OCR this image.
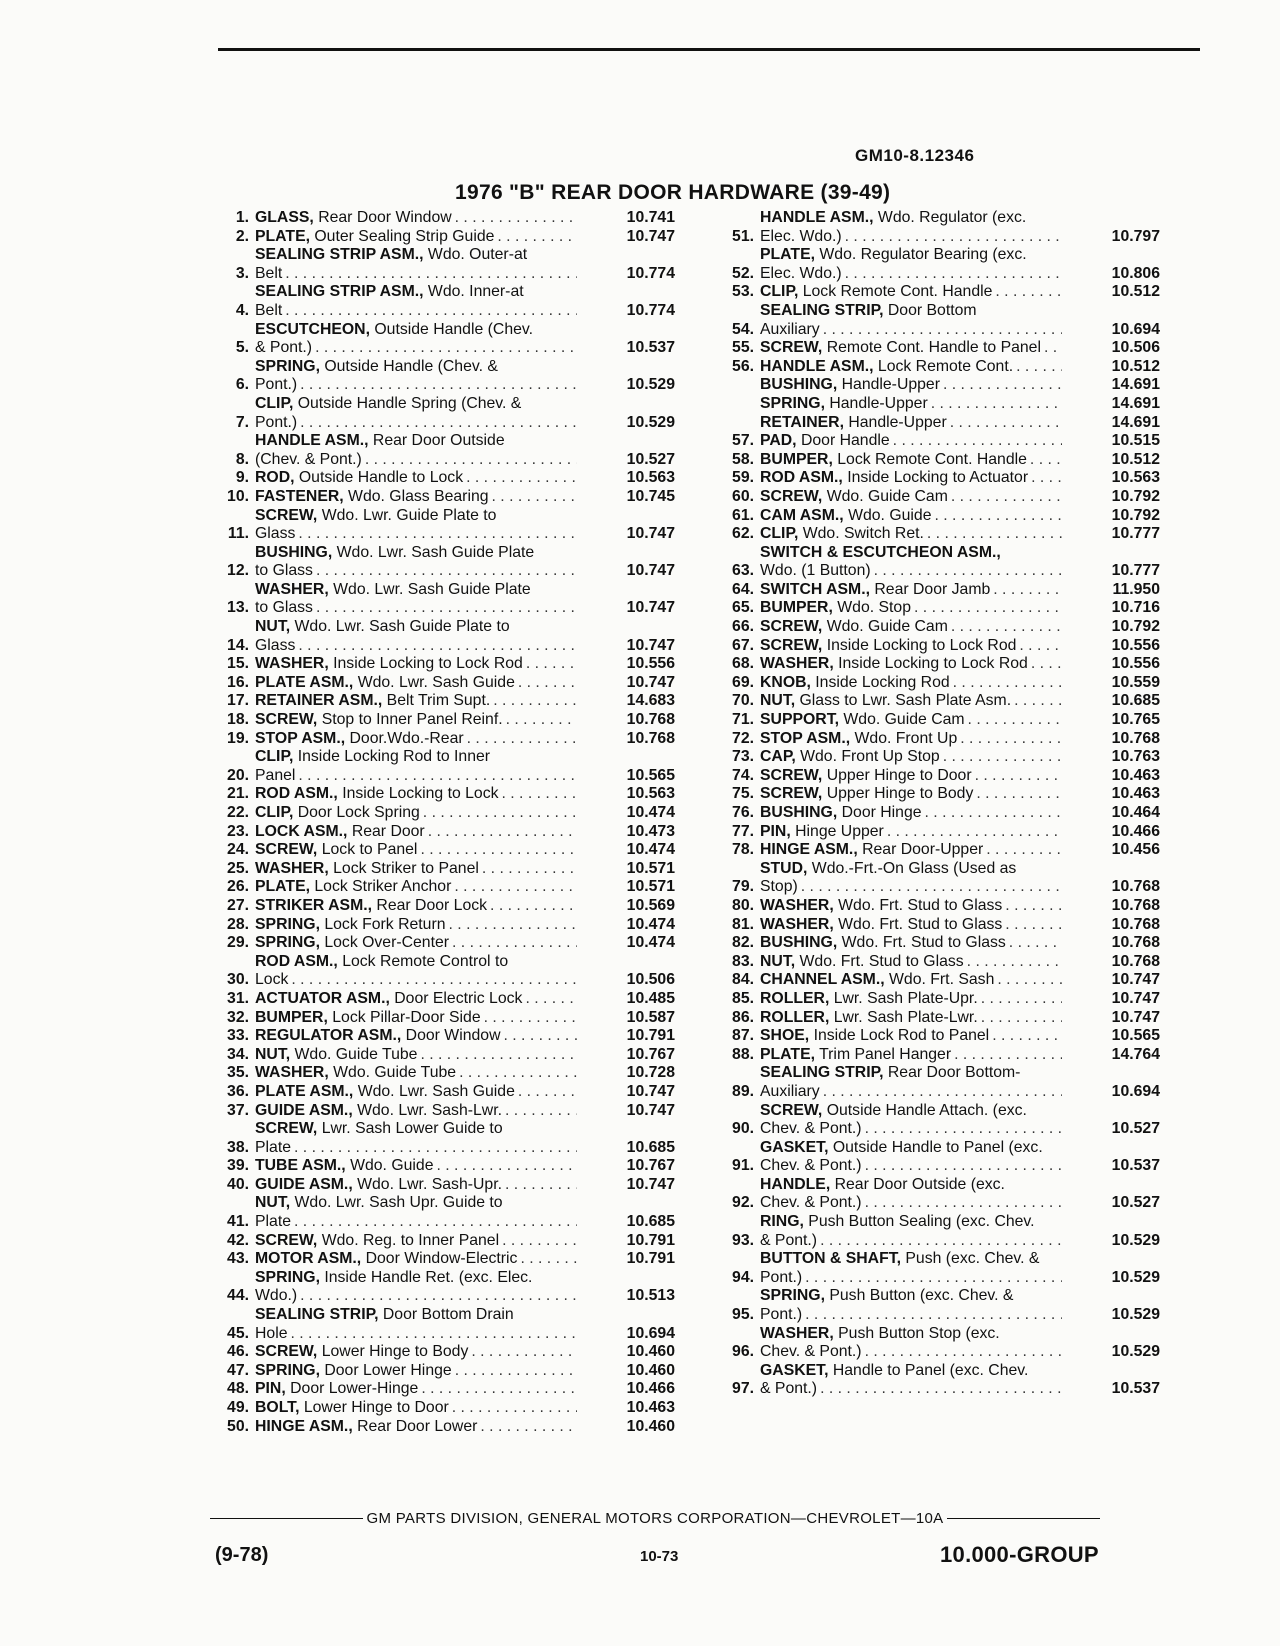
GM10-8.12346
1976 "B" REAR DOOR HARDWARE (39-49)
1. GLASS, Rear Door Window . . .	10.741
2. PLATE, Outer Sealing Strip Guide . . .	10.747
3.
SEALING STRIP ASM., Wdo. Outer-at
Belt . . .	10.774
4.
SEALING STRIP ASM., Wdo. Inner-at
Belt . . .	10.774
5.
ESCUTCHEON, Outside Handle (Chev.
& Pont.) . . .	10.537
6.
SPRING, Outside Handle (Chev. &
Pont.) . . .	10.529
7.
CLIP, Outside Handle Spring (Chev. &
Pont.) . . .	10.529
8.
HANDLE ASM., Rear Door Outside
(Chev. & Pont.) . . .	10.527
9. ROD, Outside Handle to Lock . . .	10.563
10. FASTENER, Wdo. Glass Bearing . . .	10.745
11.
SCREW, Wdo. Lwr. Guide Plate to
Glass . . .	10.747
12.
BUSHING, Wdo. Lwr. Sash Guide Plate
to Glass . . .	10.747
13.
WASHER, Wdo. Lwr. Sash Guide Plate
to Glass . . .	10.747
14.
NUT, Wdo. Lwr. Sash Guide Plate to
Glass . . .	10.747
15. WASHER, Inside Locking to Lock Rod . . .	10.556
16. PLATE ASM., Wdo. Lwr. Sash Guide . . .	10.747
17. RETAINER ASM., Belt Trim Supt. . . .	14.683
18. SCREW, Stop to Inner Panel Reinf. . . .	10.768
19. STOP ASM., Door.Wdo.-Rear . . .	10.768
20.
CLIP, Inside Locking Rod to Inner
Panel . . .	10.565
21. ROD ASM., Inside Locking to Lock . . .	10.563
22. CLIP, Door Lock Spring . . .	10.474
23. LOCK ASM., Rear Door . . .	10.473
24. SCREW, Lock to Panel . . .	10.474
25. WASHER, Lock Striker to Panel . . .	10.571
26. PLATE, Lock Striker Anchor . . .	10.571
27. STRIKER ASM., Rear Door Lock . . .	10.569
28. SPRING, Lock Fork Return . . .	10.474
29. SPRING, Lock Over-Center . . .	10.474
30.
ROD ASM., Lock Remote Control to
Lock . . .	10.506
31. ACTUATOR ASM., Door Electric Lock . . .	10.485
32. BUMPER, Lock Pillar-Door Side . . .	10.587
33. REGULATOR ASM., Door Window . . .	10.791
34. NUT, Wdo. Guide Tube . . .	10.767
35. WASHER, Wdo. Guide Tube . . .	10.728
36. PLATE ASM., Wdo. Lwr. Sash Guide . . .	10.747
37. GUIDE ASM., Wdo. Lwr. Sash-Lwr. . . .	10.747
38.
SCREW, Lwr. Sash Lower Guide to
Plate . . .	10.685
39. TUBE ASM., Wdo. Guide . . .	10.767
40. GUIDE ASM., Wdo. Lwr. Sash-Upr. . . .	10.747
41.
NUT, Wdo. Lwr. Sash Upr. Guide to
Plate . . .	10.685
42. SCREW, Wdo. Reg. to Inner Panel . . .	10.791
43. MOTOR ASM., Door Window-Electric . . .	10.791
44.
SPRING, Inside Handle Ret. (exc. Elec.
Wdo.) . . .	10.513
45.
SEALING STRIP, Door Bottom Drain
Hole . . .	10.694
46. SCREW, Lower Hinge to Body . . .	10.460
47. SPRING, Door Lower Hinge . . .	10.460
48. PIN, Door Lower-Hinge . . .	10.466
49. BOLT, Lower Hinge to Door . . .	10.463
50. HINGE ASM., Rear Door Lower . . .	10.460
51.
HANDLE ASM., Wdo. Regulator (exc.
Elec. Wdo.) . . .	10.797
52.
PLATE, Wdo. Regulator Bearing (exc.
Elec. Wdo.) . . .	10.806
53. CLIP, Lock Remote Cont. Handle . . .	10.512
54.
SEALING STRIP, Door Bottom
Auxiliary . . .	10.694
55. SCREW, Remote Cont. Handle to Panel . . .	10.506
56. HANDLE ASM., Lock Remote Cont. . . .	10.512
BUSHING, Handle-Upper . . .	14.691
SPRING, Handle-Upper . . .	14.691
RETAINER, Handle-Upper . . .	14.691
57. PAD, Door Handle . . .	10.515
58. BUMPER, Lock Remote Cont. Handle . . .	10.512
59. ROD ASM., Inside Locking to Actuator . . .	10.563
60. SCREW, Wdo. Guide Cam . . .	10.792
61. CAM ASM., Wdo. Guide . . .	10.792
62. CLIP, Wdo. Switch Ret. . . .	10.777
63.
SWITCH & ESCUTCHEON ASM.,
Wdo. (1 Button) . . .	10.777
64. SWITCH ASM., Rear Door Jamb . . .	11.950
65. BUMPER, Wdo. Stop . . .	10.716
66. SCREW, Wdo. Guide Cam . . .	10.792
67. SCREW, Inside Locking to Lock Rod . . .	10.556
68. WASHER, Inside Locking to Lock Rod . . .	10.556
69. KNOB, Inside Locking Rod . . .	10.559
70. NUT, Glass to Lwr. Sash Plate Asm. . . .	10.685
71. SUPPORT, Wdo. Guide Cam . . .	10.765
72. STOP ASM., Wdo. Front Up . . .	10.768
73. CAP, Wdo. Front Up Stop . . .	10.763
74. SCREW, Upper Hinge to Door . . .	10.463
75. SCREW, Upper Hinge to Body . . .	10.463
76. BUSHING, Door Hinge . . .	10.464
77. PIN, Hinge Upper . . .	10.466
78. HINGE ASM., Rear Door-Upper . . .	10.456
79.
STUD, Wdo.-Frt.-On Glass (Used as
Stop) . . .	10.768
80. WASHER, Wdo. Frt. Stud to Glass . . .	10.768
81. WASHER, Wdo. Frt. Stud to Glass . . .	10.768
82. BUSHING, Wdo. Frt. Stud to Glass . . .	10.768
83. NUT, Wdo. Frt. Stud to Glass . . .	10.768
84. CHANNEL ASM., Wdo. Frt. Sash . . .	10.747
85. ROLLER, Lwr. Sash Plate-Upr. . . .	10.747
86. ROLLER, Lwr. Sash Plate-Lwr. . . .	10.747
87. SHOE, Inside Lock Rod to Panel . . .	10.565
88. PLATE, Trim Panel Hanger . . .	14.764
89.
SEALING STRIP, Rear Door Bottom-
Auxiliary . . .	10.694
90.
SCREW, Outside Handle Attach. (exc.
Chev. & Pont.) . . .	10.527
91.
GASKET, Outside Handle to Panel (exc.
Chev. & Pont.) . . .	10.537
92.
HANDLE, Rear Door Outside (exc.
Chev. & Pont.) . . .	10.527
93.
RING, Push Button Sealing (exc. Chev.
& Pont.) . . .	10.529
94.
BUTTON & SHAFT, Push (exc. Chev. &
Pont.) . . .	10.529
95.
SPRING, Push Button (exc. Chev. &
Pont.) . . .	10.529
96.
WASHER, Push Button Stop (exc.
Chev. & Pont.) . . .	10.529
97.
GASKET, Handle to Panel (exc. Chev.
& Pont.) . . .	10.537
GM PARTS DIVISION, GENERAL MOTORS CORPORATION—CHEVROLET—10A
(9-78)	10-73	10.000-GROUP
